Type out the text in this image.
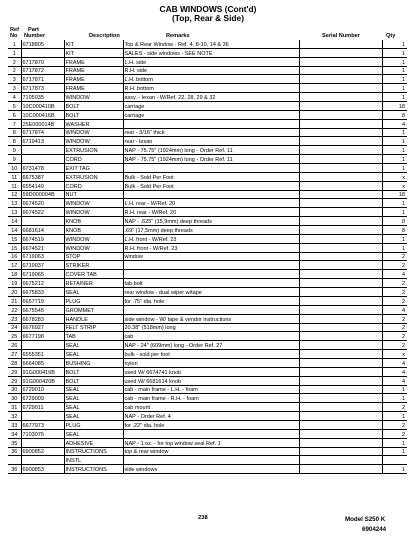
CAB WINDOWS (Cont'd)
(Top, Rear & Side)
Ref
No
Part
Number	Description	Remarks	Serial Number	Qty
1	6718805	KIT	Top & Rear Window - Ref. 4, 8-10, 14 & 36		1
1		KIT	SALES - side windows - SEE NOTE		1
2	6717870	FRAME	L.H. side		1
2	6717872	FRAME	R.H. side		1
3	6717871	FRAME	L.H. bottom		1
3	6717873	FRAME	R.H. bottom		1
4	7105035	WINDOW	assy. - lexan - W/Ref. 22, 28, 29 & 32		1
5	10C000410B	BOLT	carriage		18
6	10C000416B	BOLT	carriage		8
7	25E000014B	WASHER			4
8	6717874	WINDOW	rear - 3/16" thick		1
8	6719413	WINDOW	rear - lexan		1
9		EXTRUSION	NAP - 75.75" (1924mm) long - Order Ref. 11		1
9		CORD	NAP - 75.75" (1924mm) long - Order Ref. 11		1
10	6731478	EXIT TAG			1
11	6675387	EXTRUSION	Bulk - Sold Per Foot		x
11	6554149	CORD	Bulk - Sold Per Foot		x
12	59D000004B	NUT			18
13	6674520	WINDOW	L.H. rear - W/Ref. 20		1
13	6674522	WINDOW	R.H. rear - W/Ref. 20		1
14		KNOB	NAP - .625" (15,9mm) deep threads		8
14	6681614	KNOB	.69" (17,5mm) deep threads		8
15	6674519	WINDOW	L.H. front - W/Ref. 23		1
15	6674521	WINDOW	R.H. front - W/Ref. 23		1
16	6719063	STOP	window		2
17	6719037	STRIKER			2
18	6719065	COVER TAB			4
19	6675212	RETAINER	tab bolt		2
20	6675833	SEAL	rear window - dual wiper w/tape		2
21	6657719	PLUG	for .75" dia. hole		2
22	6675545	GROMMET			4
23	6678283	HANDLE	side window - W/ tape & vendor instructions		2
24	6676927	FELT STRIP	20.38" (518mm) long		2
25	6677198	TAB	cab		2
26		SEAL	NAP - 24" (609mm) long - Order Ref. 27		2
27	6555351	SEAL	bulk - sold per foot		x
28	6664085	BUSHING	nylon		4
29	91G000416B	BOLT	used W/ 6674741 knob		4
29	91G000420B	BOLT	used W/ 6681614 knob		4
30	6729010	SEAL	cab - main frame - L.H. - foam		1
30	6729009	SEAL	cab - main frame - R.H. - foam		1
31	6729011	SEAL	cab mount		2
32		SEAL	NAP - Order Ref. 4		1
33	6677973	PLUG	for .22" dia. hole		2
34	7103075	SEAL			2
35		ADHESIVE	NAP - 1 oz. - for top window seal Ref. 1		1
36	6900852	INSTRUCTIONS	top & rear window		1
		INSTL			
36	6900853	INSTRUCTIONS	side windows		1
238	Model S250 K
6904244
